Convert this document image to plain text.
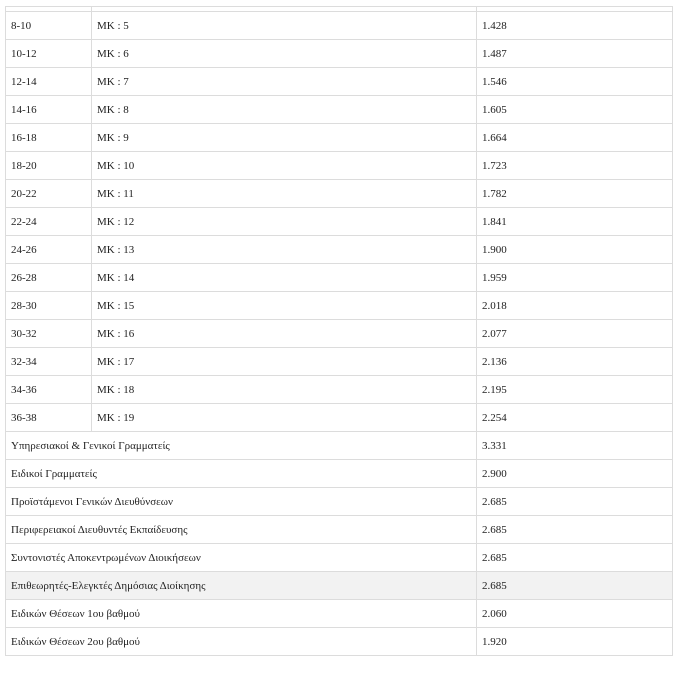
8-10	ΜΚ : 5	1.428
10-12	ΜΚ : 6	1.487
12-14	ΜΚ : 7	1.546
14-16	ΜΚ : 8	1.605
16-18	ΜΚ : 9	1.664
18-20	ΜΚ : 10	1.723
20-22	ΜΚ : 11	1.782
22-24	ΜΚ : 12	1.841
24-26	ΜΚ : 13	1.900
26-28	ΜΚ : 14	1.959
28-30	ΜΚ : 15	2.018
30-32	ΜΚ : 16	2.077
32-34	ΜΚ : 17	2.136
34-36	ΜΚ : 18	2.195
36-38	ΜΚ : 19	2.254
Υπηρεσιακοί & Γενικοί Γραμματείς		3.331
Ειδικοί Γραμματείς		2.900
Προϊστάμενοι Γενικών Διευθύνσεων		2.685
Περιφερειακοί Διευθυντές Εκπαίδευσης		2.685
Συντονιστές Αποκεντρωμένων Διοικήσεων		2.685
Επιθεωρητές-Ελεγκτές Δημόσιας Διοίκησης		2.685
Ειδικών Θέσεων 1ου βαθμού		2.060
Ειδικών Θέσεων 2ου βαθμού		1.920
